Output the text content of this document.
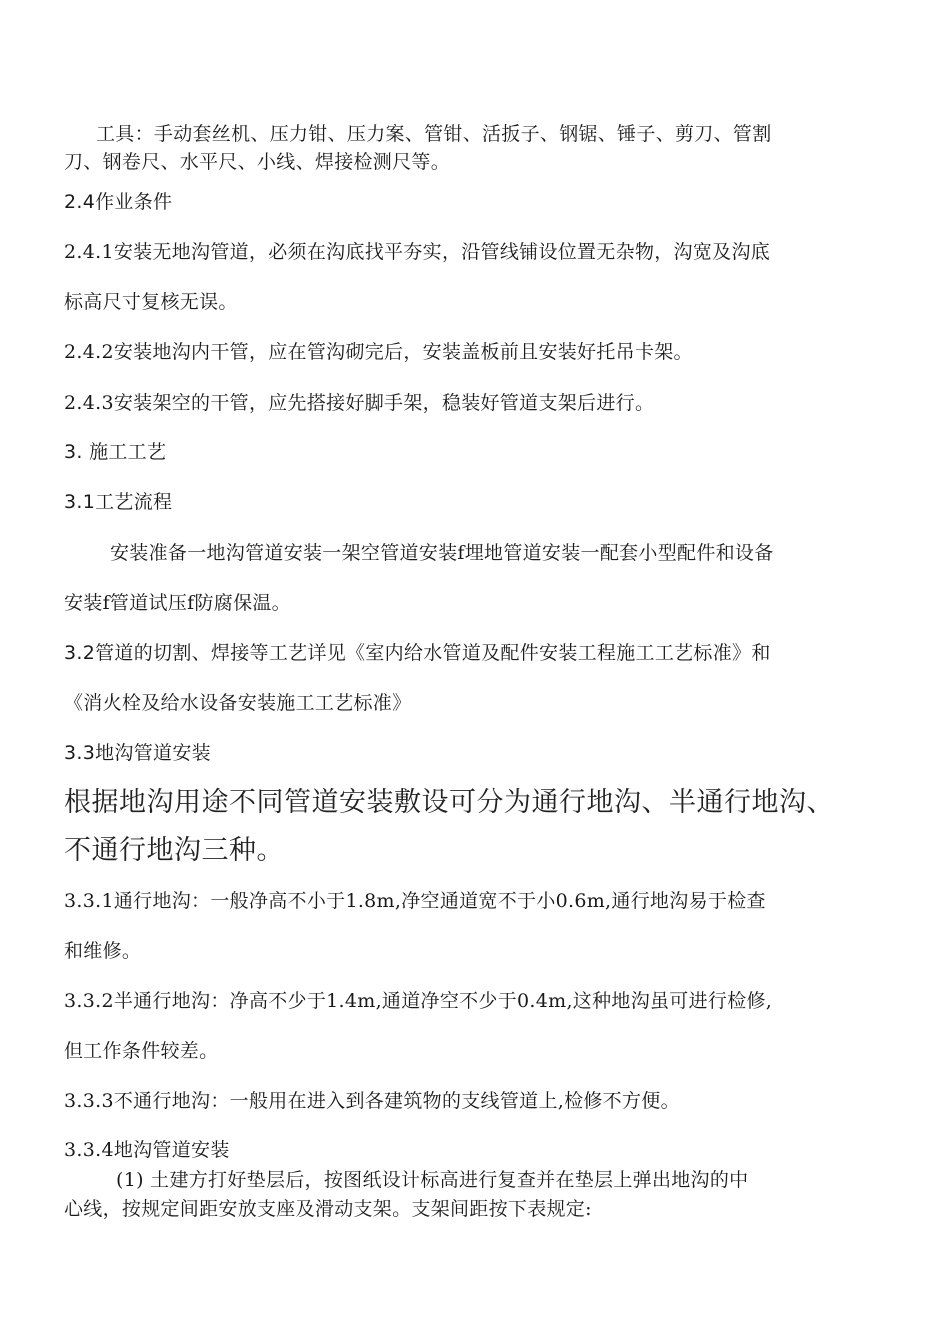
工具：手动套丝机、压力钳、压力案、管钳、活扳子、钢锯、锤子、剪刀、管割

刀、钢卷尺、水平尺、小线、焊接检测尺等。

2.4作业条件

2.4.1安装无地沟管道，必须在沟底找平夯实，沿管线铺设位置无杂物，沟宽及沟底

标高尺寸复核无误。

2.4.2安装地沟内干管，应在管沟砌完后，安装盖板前且安装好托吊卡架。

2.4.3安装架空的干管，应先搭接好脚手架，稳装好管道支架后进行。

3. 施工工艺

3.1工艺流程

安装准备一地沟管道安装一架空管道安装f埋地管道安装一配套小型配件和设备

安装f管道试压f防腐保温。

3.2管道的切割、焊接等工艺详见《室内给水管道及配件安装工程施工工艺标准》和

《消火栓及给水设备安装施工工艺标准》

3.3地沟管道安装

根据地沟用途不同管道安装敷设可分为通行地沟、半通行地沟、

不通行地沟三种。

3.3.1通行地沟：一般净高不小于1.8m,净空通道宽不于小0.6m,通行地沟易于检查

和维修。

3.3.2半通行地沟：净高不少于1.4m,通道净空不少于0.4m,这种地沟虽可进行检修,

但工作条件较差。

3.3.3不通行地沟：一般用在进入到各建筑物的支线管道上,检修不方便。

3.3.4地沟管道安装

(1) 土建方打好垫层后，按图纸设计标高进行复查并在垫层上弹出地沟的中

心线，按规定间距安放支座及滑动支架。支架间距按下表规定:
